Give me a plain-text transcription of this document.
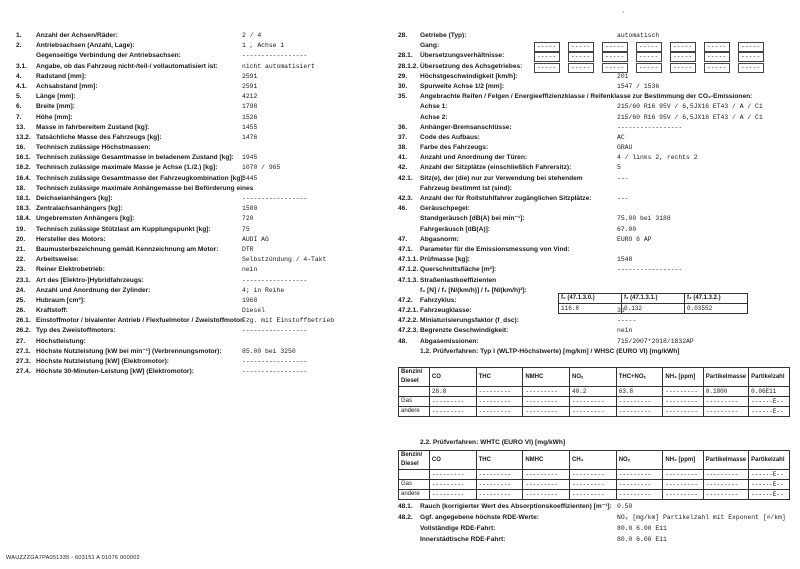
1. Anzahl der Achsen/Räder:	2 / 4
2. Antriebsachsen (Anzahl, Lage):	1 , Achse 1
Gegenseitige Verbindung der Antriebsachsen:	-----------------
3.1. Angabe, ob das Fahrzeug nicht-/teil-/ vollautomatisiert ist:	nicht automatisiert
4. Radstand [mm]:	2591
4.1. Achsabstand [mm]:	2591
5. Länge [mm]:	4212
6. Breite [mm]:	1798
7. Höhe [mm]:	1526
13. Masse in fahrbereitem Zustand [kg]:	1455
13.2. Tatsächliche Masse des Fahrzeugs [kg]:	1476
16. Technisch zulässige Höchstmassen:
16.1. Technisch zulässige Gesamtmasse in beladenem Zustand [kg]: 1945
16.2. Technisch zulässige maximale Masse je Achse (1./2.) [kg]:	1070 / 965
16.4. Technisch zulässige Gesamtmasse der Fahrzeugkombination [kg]:
3445
18. Technisch zulässige maximale Anhängemasse bei Beförderung eines
18.1. Deichselanhängers [kg]:	-----------------
18.3. Zentralachsanhängers [kg]:	1500
18.4. Ungebremsten Anhängers [kg]:	720
19. Technisch zulässige Stützlast am Kupplungspunkt [kg]:	75
20. Hersteller des Motors:	AUDI AG
21. Baumusterbezeichnung gemäß Kennzeichnung am Motor:	DTR
22. Arbeitsweise:	Selbstzündung / 4-Takt
23. Reiner Elektrobetrieb:	nein
23.1. Art des [Elektro-]Hybridfahrzeugs:	-----------------
24. Anzahl und Anordnung der Zylinder:	4; in Reihe
25. Hubraum [cm³]:	1968
26. Kraftstoff:	Diesel
26.1. Einstoffmotor / bivalenter Antrieb / Flexfuelmotor / Zweistoffmotor:
Fzg. mit Einstoffbetrieb
26.2. Typ des Zweistoffmotors:	-----------------
27. Höchstleistung:
27.1. Höchste Nutzleistung [kW bei min⁻¹] (Verbrennungsmotor):	85.00 bei 3250
27.3. Höchste Nutzleistung [kW] (Elektromotor):	-----------------
27.4. Höchste 30-Minuten-Leistung [kW] (Elektromotor):	-----------------
28. Getriebe (Typ):	automatisch
Gang:	-----	-----	-----	-----	-----	-----	-----
28.1. Übersetzungsverhältnisse:	-----	-----	-----	-----	-----	-----	-----
28.1.2. Übersetzung des Achsgetriebes:	-----	-----	-----	-----	-----	-----	-----
29. Höchstgeschwindigkeit [km/h]:	201
30. Spurweite Achse 1/2 [mm]:	1547 / 1536
35. Angebrachte Reifen / Felgen / Energieeffizienzklasse / Reifenklasse zur Bestimmung der CO₂-Emissionen:
Achse 1:	215/60 R16 95V / 6,5JX16 ET43 / A / C1
Achse 2:	215/60 R16 95V / 6,5JX16 ET43 / A / C1
36. Anhänger-Bremsanschlüsse:	-----------------
37. Code des Aufbaus:	AC
38. Farbe des Fahrzeugs:	GRAU
41. Anzahl und Anordnung der Türen:	4 / links 2, rechts 2
42. Anzahl der Sitzplätze (einschließlich Fahrersitz):	5
42.1. Sitz(e), der (die) nur zur Verwendung bei stehendem	---
Fahrzeug bestimmt ist (sind):
42.3. Anzahl der für Rollstuhlfahrer zugänglichen Sitzplätze:	---
46. Geräuschpegel:
Standgeräusch [dB(A) bei min⁻¹]:	75.00 bei 3188
Fahrgeräusch [dB(A)]:	67.00
47. Abgasnorm:	EURO 6 AP
47.1. Parameter für die Emissionsmessung von Vind:
47.1.1. Prüfmasse [kg]:	1548
47.1.2. Querschnittsfläche [m²]:	-----------------
47.1.3. Straßenlastkoeffizienten
f₀ [N] / f₁ [N/(km/h)] / f₂ [N/(km/h)²]:
47.2. Fahrzyklus:
47.2.1. Fahrzeugklasse:	3b
47.2.2. Miniaturisierungsfaktor (f_dsc):	-----
47.2.3. Begrenzte Geschwindigkeit:	nein
48. Abgasemissionen:	715/2007*2018/1832AP
1.2. Prüfverfahren: Typ I (WLTP-Höchstwerte) [mg/km] / WHSC (EURO VI) [mg/kWh]
f₀ (47.1.3.0.)	f₁ (47.1.3.1.)	f₂ (47.1.3.2.)
116.8	0.132	0.03552
Benzin/ Diesel	CO	THC	NMHC	NOₓ	THC+NOₓ	NH₃ [ppm]	Partikelmasse	Partikelzahl
	28.8	---------	---------	40.2	63.8	---------	0.1800	0.06E11
Gas	---------	---------	---------	---------	---------	---------	---------	------E--
andere	---------	---------	---------	---------	---------	---------	---------	------E--
2.2. Prüfverfahren: WHTC (EURO VI) [mg/kWh]
Benzin/ Diesel	CO	THC	NMHC	CH₄	NOₓ	NH₃ [ppm]	Partikelmasse	Partikelzahl
	---------	---------	---------	---------	---------	---------	---------	------E--
Gas	---------	---------	---------	---------	---------	---------	---------	------E--
andere	---------	---------	---------	---------	---------	---------	---------	------E--
48.1. Rauch (korrigierter Wert des Absorptionskoeffizienten) [m⁻¹]: 0.50
48.2. Ggf. angegebene höchste RDE-Werte:	NOₓ [mg/km] Partikelzahl mit Exponent [#/km]
Vollständige RDE-Fahrt:	80.0 6.00 E11
Innerstädtische RDE-Fahrt:	80.0 6.00 E11
WAUZZZGA7PA051335 - 603151 A 01076 000002
ˇ
